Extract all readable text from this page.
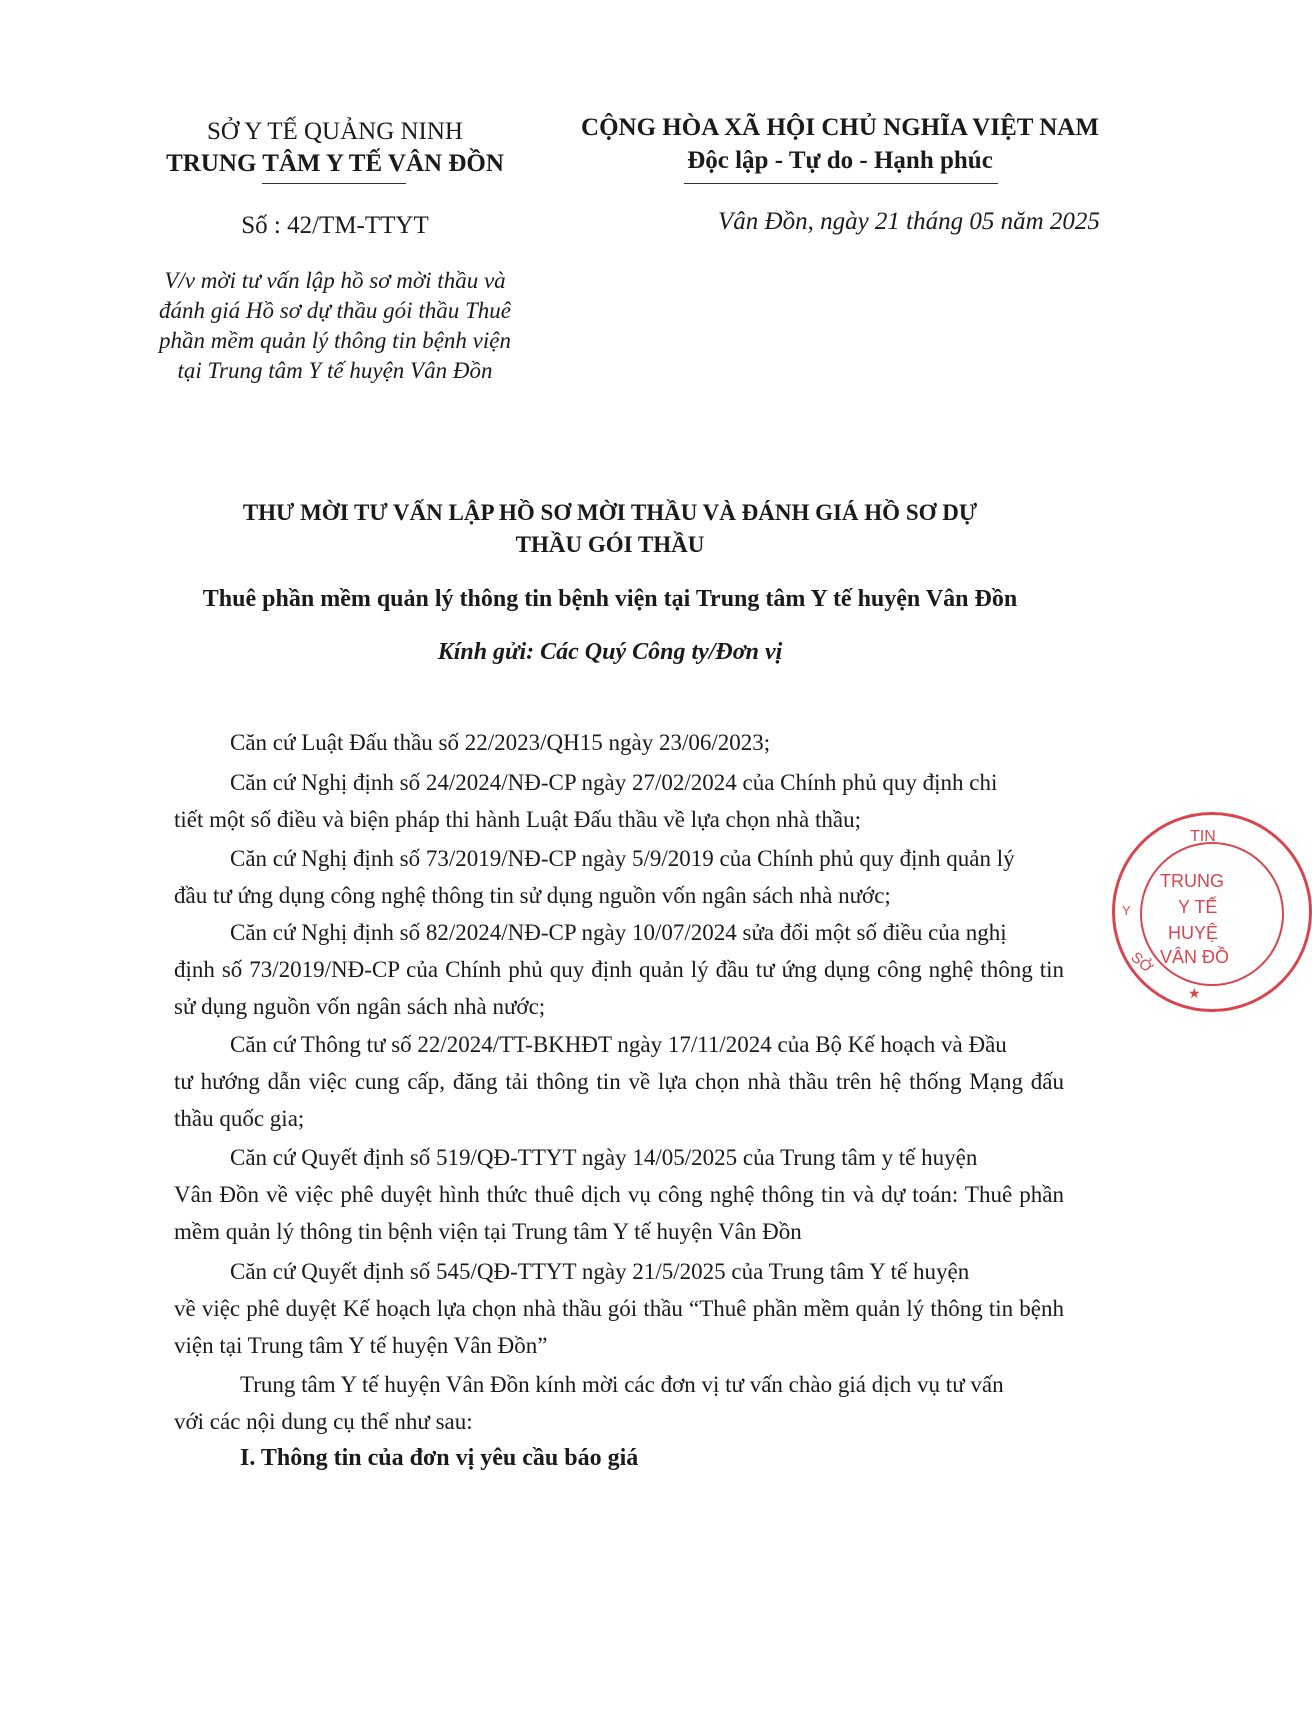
SỞ Y TẾ QUẢNG NINH
TRUNG TÂM Y TẾ VÂN ĐỒN
Số : 42/TM-TTYT
V/v mời tư vấn lập hồ sơ mời thầu và
đánh giá Hồ sơ dự thầu gói thầu Thuê
phần mềm quản lý thông tin bệnh viện
tại Trung tâm Y tế huyện Vân Đồn
CỘNG HÒA XÃ HỘI CHỦ NGHĨA VIỆT NAM
Độc lập - Tự do - Hạnh phúc
Vân Đồn, ngày 21 tháng 05 năm 2025
THƯ MỜI TƯ VẤN LẬP HỒ SƠ MỜI THẦU VÀ ĐÁNH GIÁ HỒ SƠ DỰ
THẦU GÓI THẦU
Thuê phần mềm quản lý thông tin bệnh viện tại Trung tâm Y tế huyện Vân Đồn
Kính gửi: Các Quý Công ty/Đơn vị
Căn cứ Luật Đấu thầu số 22/2023/QH15 ngày 23/06/2023;
Căn cứ Nghị định số 24/2024/NĐ-CP ngày 27/02/2024 của Chính phủ quy định chi
tiết một số điều và biện pháp thi hành Luật Đấu thầu về lựa chọn nhà thầu;
Căn cứ Nghị định số 73/2019/NĐ-CP ngày 5/9/2019 của Chính phủ quy định quản lý
đầu tư ứng dụng công nghệ thông tin sử dụng nguồn vốn ngân sách nhà nước;
Căn cứ Nghị định số 82/2024/NĐ-CP ngày 10/07/2024 sửa đổi một số điều của nghị
định số 73/2019/NĐ-CP của Chính phủ quy định quản lý đầu tư ứng dụng công nghệ thông tin sử dụng nguồn vốn ngân sách nhà nước;
Căn cứ Thông tư số 22/2024/TT-BKHĐT ngày 17/11/2024 của Bộ Kế hoạch và Đầu
tư hướng dẫn việc cung cấp, đăng tải thông tin về lựa chọn nhà thầu trên hệ thống Mạng đấu thầu quốc gia;
Căn cứ Quyết định số 519/QĐ-TTYT ngày 14/05/2025 của Trung tâm y tế huyện
Vân Đồn về việc phê duyệt hình thức thuê dịch vụ công nghệ thông tin và dự toán: Thuê phần mềm quản lý thông tin bệnh viện tại Trung tâm Y tế huyện Vân Đồn
Căn cứ Quyết định số 545/QĐ-TTYT ngày 21/5/2025 của Trung tâm Y tế huyện
về việc phê duyệt Kế hoạch lựa chọn nhà thầu gói thầu “Thuê phần mềm quản lý thông tin bệnh viện tại Trung tâm Y tế huyện Vân Đồn”
Trung tâm Y tế huyện Vân Đồn kính mời các đơn vị tư vấn chào giá dịch vụ tư vấn
với các nội dung cụ thể như sau:
I. Thông tin của đơn vị yêu cầu báo giá
TIN
TRUNG
Y TẾ
HUYỆ
VÂN ĐỒ
SỞ
Y
★
